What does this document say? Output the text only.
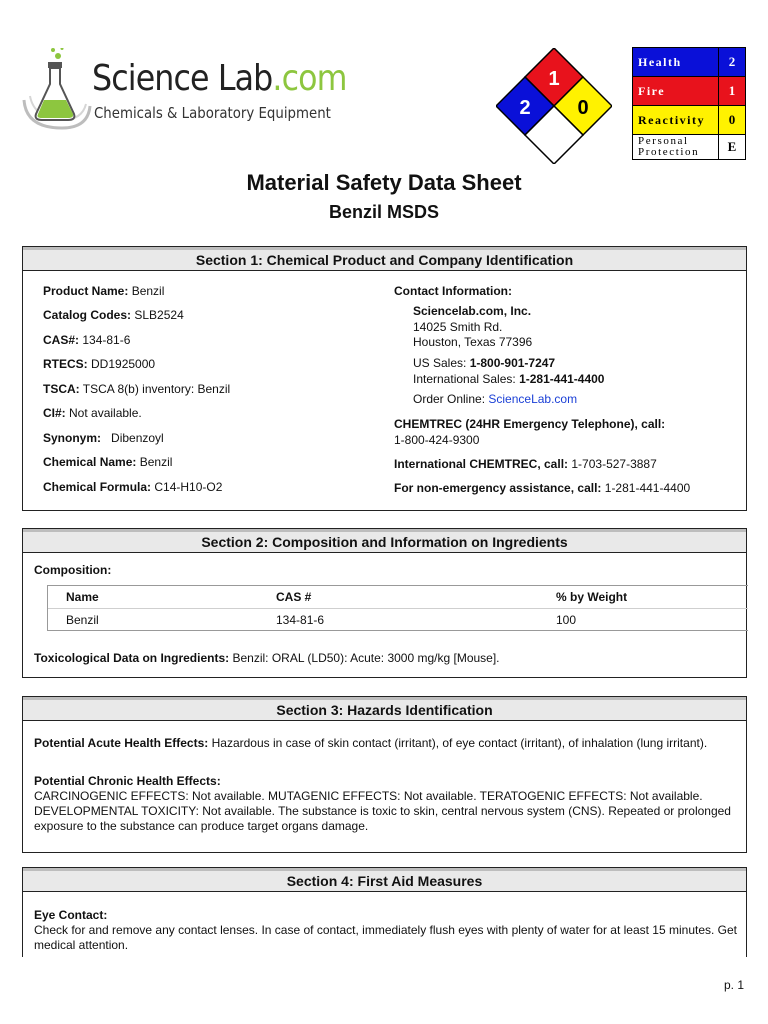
Science Lab.com
Chemicals & Laboratory Equipment
1
2 0
Health	2
Fire	1
Reactivity	0
Personal Protection	E
Material Safety Data Sheet
Benzil MSDS
Section 1: Chemical Product and Company Identification
Product Name: Benzil
Catalog Codes: SLB2524
CAS#: 134-81-6
RTECS: DD1925000
TSCA: TSCA 8(b) inventory: Benzil
CI#: Not available.
Synonym: Dibenzoyl
Chemical Name: Benzil
Chemical Formula: C14-H10-O2
Contact Information:
Sciencelab.com, Inc.
14025 Smith Rd.
Houston, Texas 77396
US Sales: 1-800-901-7247
International Sales: 1-281-441-4400
Order Online: ScienceLab.com
CHEMTREC (24HR Emergency Telephone), call:
1-800-424-9300
International CHEMTREC, call: 1-703-527-3887
For non-emergency assistance, call: 1-281-441-4400
Section 2: Composition and Information on Ingredients
Composition:
Name	CAS #	% by Weight
Benzil	134-81-6	100
Toxicological Data on Ingredients: Benzil: ORAL (LD50): Acute: 3000 mg/kg [Mouse].
Section 3: Hazards Identification
Potential Acute Health Effects: Hazardous in case of skin contact (irritant), of eye contact (irritant), of inhalation (lung irritant).
Potential Chronic Health Effects:
CARCINOGENIC EFFECTS: Not available. MUTAGENIC EFFECTS: Not available. TERATOGENIC EFFECTS: Not available. DEVELOPMENTAL TOXICITY: Not available. The substance is toxic to skin, central nervous system (CNS). Repeated or prolonged exposure to the substance can produce target organs damage.
Section 4: First Aid Measures
Eye Contact:
Check for and remove any contact lenses. In case of contact, immediately flush eyes with plenty of water for at least 15 minutes. Get medical attention.
p. 1
